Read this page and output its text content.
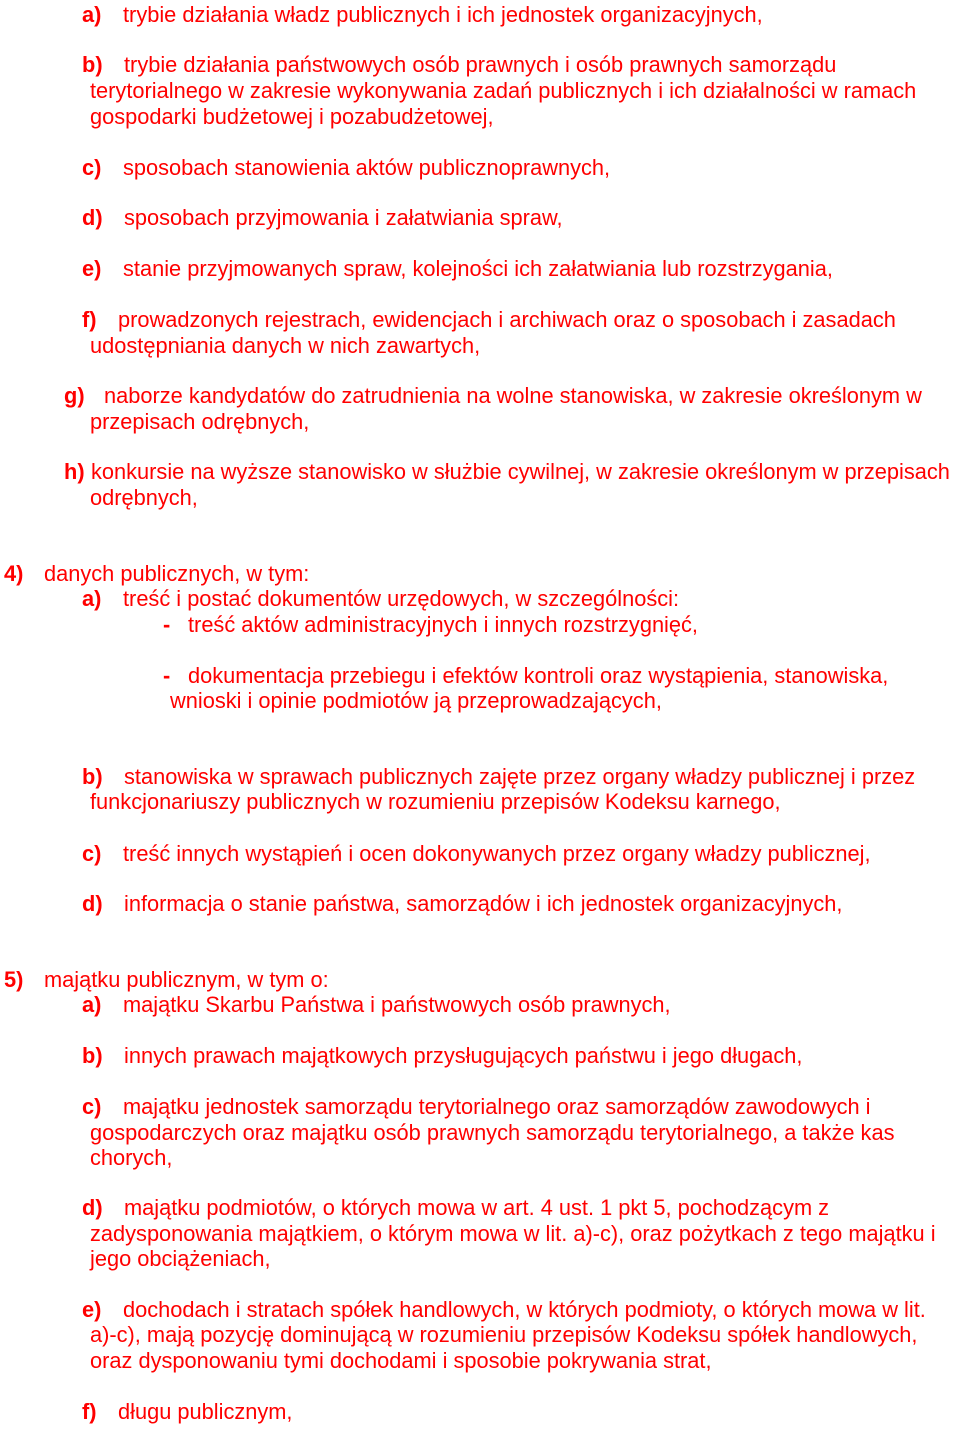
a) trybie działania władz publicznych i ich jednostek organizacyjnych,
b) trybie działania państwowych osób prawnych i osób prawnych samorządu
terytorialnego w zakresie wykonywania zadań publicznych i ich działalności w ramach
gospodarki budżetowej i pozabudżetowej,
c) sposobach stanowienia aktów publicznoprawnych,
d) sposobach przyjmowania i załatwiania spraw,
e) stanie przyjmowanych spraw, kolejności ich załatwiania lub rozstrzygania,
f) prowadzonych rejestrach, ewidencjach i archiwach oraz o sposobach i zasadach
udostępniania danych w nich zawartych,
g) naborze kandydatów do zatrudnienia na wolne stanowiska, w zakresie określonym w
przepisach odrębnych,
h) konkursie na wyższe stanowisko w służbie cywilnej, w zakresie określonym w przepisach
odrębnych,
4) danych publicznych, w tym:
a) treść i postać dokumentów urzędowych, w szczególności:
- treść aktów administracyjnych i innych rozstrzygnięć,
- dokumentacja przebiegu i efektów kontroli oraz wystąpienia, stanowiska,
wnioski i opinie podmiotów ją przeprowadzających,
b) stanowiska w sprawach publicznych zajęte przez organy władzy publicznej i przez
funkcjonariuszy publicznych w rozumieniu przepisów Kodeksu karnego,
c) treść innych wystąpień i ocen dokonywanych przez organy władzy publicznej,
d) informacja o stanie państwa, samorządów i ich jednostek organizacyjnych,
5) majątku publicznym, w tym o:
a) majątku Skarbu Państwa i państwowych osób prawnych,
b) innych prawach majątkowych przysługujących państwu i jego długach,
c) majątku jednostek samorządu terytorialnego oraz samorządów zawodowych i
gospodarczych oraz majątku osób prawnych samorządu terytorialnego, a także kas
chorych,
d) majątku podmiotów, o których mowa w art. 4 ust. 1 pkt 5, pochodzącym z
zadysponowania majątkiem, o którym mowa w lit. a)-c), oraz pożytkach z tego majątku i
jego obciążeniach,
e) dochodach i stratach spółek handlowych, w których podmioty, o których mowa w lit.
a)-c), mają pozycję dominującą w rozumieniu przepisów Kodeksu spółek handlowych,
oraz dysponowaniu tymi dochodami i sposobie pokrywania strat,
f) długu publicznym,
